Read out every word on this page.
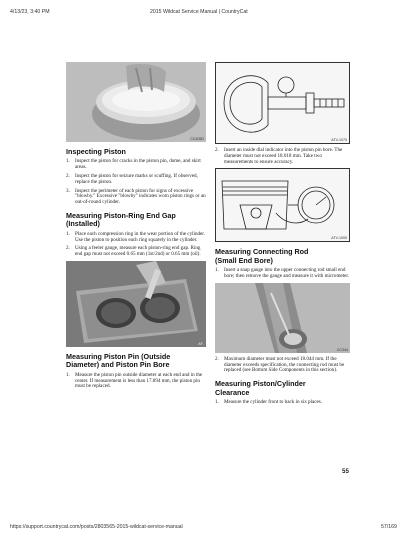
4/13/23, 3:40 PM	2015 Wildcat Service Manual | CountryCat
CC405D
Inspecting Piston
1. Inspect the piston for cracks in the piston pin, dome, and skirt areas.
2. Inspect the piston for seizure marks or scuffing. If observed, replace the piston.
3. Inspect the perimeter of each piston for signs of excessive "blowby." Excessive "blowby" indicates worn piston rings or an out-of-round cylinder.
Measuring Piston-Ring End Gap
(Installed)
1. Place each compression ring in the wear portion of the cylinder. Use the piston to position each ring squarely in the cylinder.
2. Using a feeler gauge, measure each piston-ring end gap. Ring end gap must not exceed 0.65 mm (1st/2nd) or 0.65 mm (oil).
AF-
Measuring Piston Pin (Outside
Diameter) and Piston Pin Bore
1. Measure the piston pin outside diameter at each end and in the center. If measurement is less than 17.894 mm, the piston pin must be replaced.
ATV-1070
2. Insert an inside dial indicator into the piston pin bore. The diameter must not exceed 18.018 mm. Take two measurements to ensure accuracy.
ATV-1005
Measuring Connecting Rod
(Small End Bore)
1. Insert a snap gauge into the upper connecting rod small end bore; then remove the gauge and measure it with micrometer.
CC344
2. Maximum diameter must not exceed 18.044 mm. If the diameter exceeds specification, the connecting rod must be replaced (see Bottom Side Components in this section).
Measuring Piston/Cylinder
Clearance
1. Measure the cylinder front to back in six places.
55
https://support.countrycat.com/posts/2803565-2015-wildcat-service-manual	57/169
